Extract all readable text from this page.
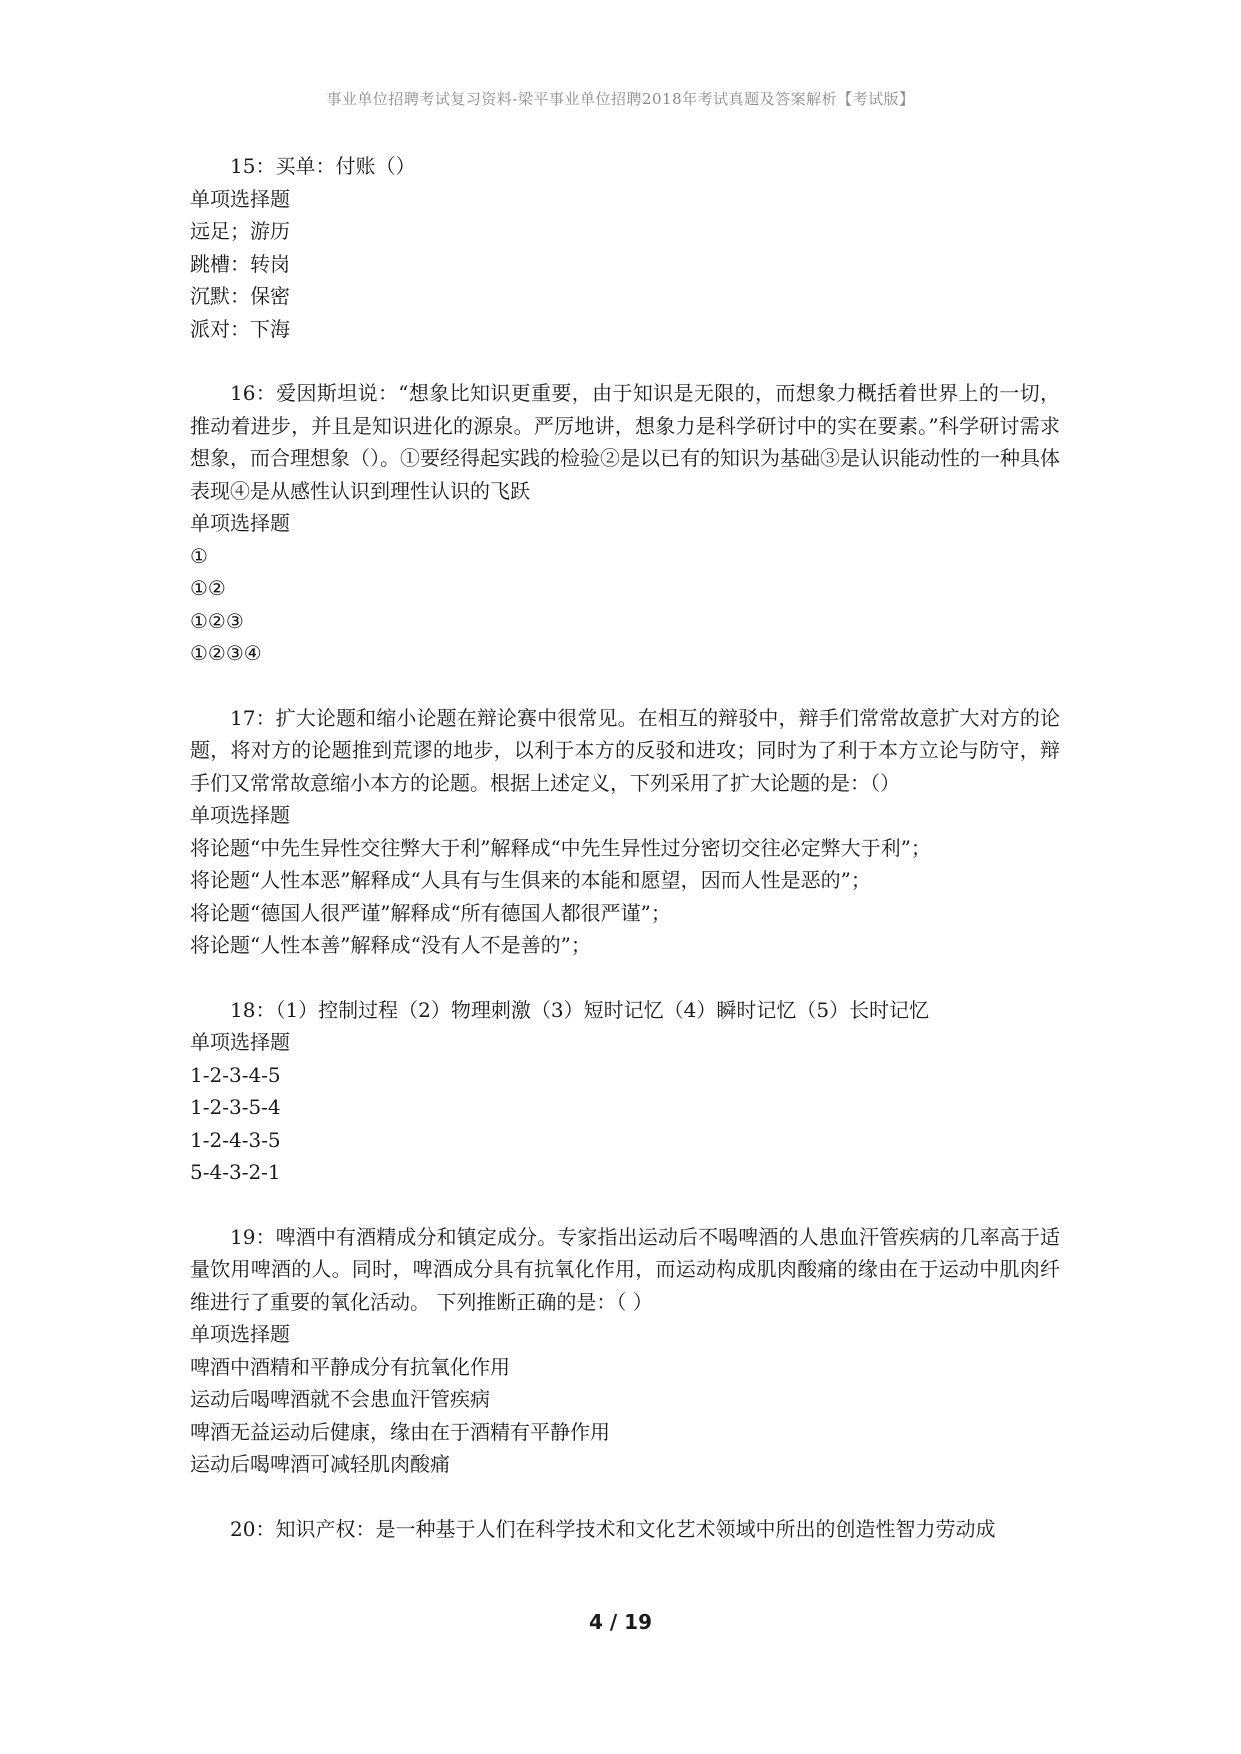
事业单位招聘考试复习资料-梁平事业单位招聘2018年考试真题及答案解析【考试版】

15：买单：付账（）

单项选择题

远足；游历

跳槽：转岗

沉默：保密

派对：下海

16：爱因斯坦说：“想象比知识更重要，由于知识是无限的，而想象力概括着世界上的一切，推动着进步，并且是知识进化的源泉。严厉地讲，想象力是科学研讨中的实在要素。”科学研讨需求想象，而合理想象（）。①要经得起实践的检验②是以已有的知识为基础③是认识能动性的一种具体表现④是从感性认识到理性认识的飞跃

单项选择题

①

①②

①②③

①②③④

17：扩大论题和缩小论题在辩论赛中很常见。在相互的辩驳中，辩手们常常故意扩大对方的论题，将对方的论题推到荒谬的地步，以利于本方的反驳和进攻；同时为了利于本方立论与防守，辩手们又常常故意缩小本方的论题。根据上述定义，下列采用了扩大论题的是：（）

单项选择题

将论题“中先生异性交往弊大于利”解释成“中先生异性过分密切交往必定弊大于利”；

将论题“人性本恶”解释成“人具有与生俱来的本能和愿望，因而人性是恶的”；

将论题“德国人很严谨”解释成“所有德国人都很严谨”；

将论题“人性本善”解释成“没有人不是善的”；

18：（1）控制过程（2）物理刺激（3）短时记忆（4）瞬时记忆（5）长时记忆

单项选择题

1-2-3-4-5

1-2-3-5-4

1-2-4-3-5

5-4-3-2-1

19：啤酒中有酒精成分和镇定成分。专家指出运动后不喝啤酒的人患血汗管疾病的几率高于适量饮用啤酒的人。同时，啤酒成分具有抗氧化作用，而运动构成肌肉酸痛的缘由在于运动中肌肉纤维进行了重要的氧化活动。 下列推断正确的是：（ ）

单项选择题

啤酒中酒精和平静成分有抗氧化作用

运动后喝啤酒就不会患血汗管疾病

啤酒无益运动后健康，缘由在于酒精有平静作用

运动后喝啤酒可减轻肌肉酸痛

20：知识产权：是一种基于人们在科学技术和文化艺术领域中所出的创造性智力劳动成

4 / 19
